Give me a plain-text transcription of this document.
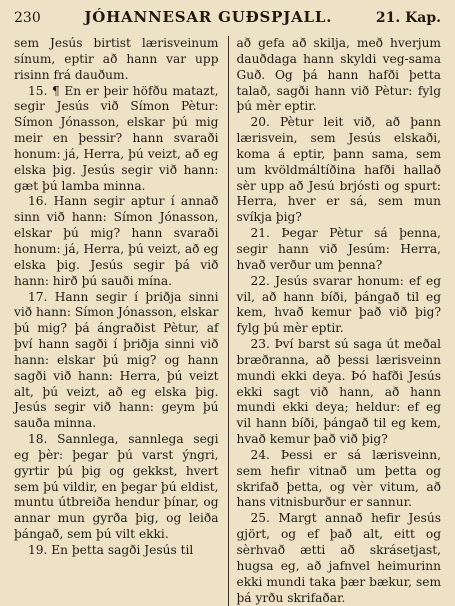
230	JÓHANNESAR GUÐSPJALL.	21. Kap.

sem Jesús birtist lærisveinum sínum, eptir að hann var upp risinn frá dauðum.

15. ¶ En er þeir höfðu matazt, segir Jesús við Símon Pètur: Símon Jónasson, elskar þú mig meir en þessir? hann svaraði honum: já, Herra, þú veizt, að eg elska þig. Jesús segir við hann: gæt þú lamba minna.

16. Hann segir aptur í annað sinn við hann: Símon Jónasson, elskar þú mig? hann svaraði honum: já, Herra, þú veizt, að eg elska þig. Jesús segir þá við hann: hirð þú sauði mína.

17. Hann segir í þriðja sinni við hann: Símon Jónasson, elskar þú mig? þá ángraðist Pètur, af því hann sagði í þriðja sinni við hann: elskar þú mig? og hann sagði við hann: Herra, þú veizt alt, þú veizt, að eg elska þig. Jesús segir við hann: geym þú sauða minna.

18. Sannlega, sannlega segi eg þèr: þegar þú varst ýngri, gyrtir þú þig og gekkst, hvert sem þú vildir, en þegar þú eldist, muntu útbreiða hendur þínar, og annar mun gyrða þig, og leiða þángað, sem þú vilt ekki.

19. En þetta sagði Jesús til

að gefa að skilja, með hverjum dauðdaga hann skyldi veg-sama Guð. Og þá hann hafði þetta talað, sagði hann við Pètur: fylg þú mèr eptir.

20. Pètur leit við, að þann lærisvein, sem Jesús elskaði, koma á eptir, þann sama, sem um kvöldmáltíðina hafði hallað sèr upp að Jesú brjósti og spurt: Herra, hver er sá, sem mun svíkja þig?

21. Þegar Pètur sá þenna, segir hann við Jesúm: Herra, hvað verður um þenna?

22. Jesús svarar honum: ef eg vil, að hann bíði, þángað til eg kem, hvað kemur það við þig? fylg þú mèr eptir.

23. Því barst sú saga út meðal bræðranna, að þessi lærisveinn mundi ekki deya. Þó hafði Jesús ekki sagt við hann, að hann mundi ekki deya; heldur: ef eg vil hann bíði, þángað til eg kem, hvað kemur það við þig?

24. Þessi er sá lærisveinn, sem hefir vitnað um þetta og skrifað þetta, og vèr vitum, að hans vitnisburður er sannur.

25. Margt annað hefir Jesús gjört, og ef það alt, eitt og sèrhvað ætti að skrásetjast, hugsa eg, að jafnvel heimurinn ekki mundi taka þær bækur, sem þá yrðu skrifaðar.
